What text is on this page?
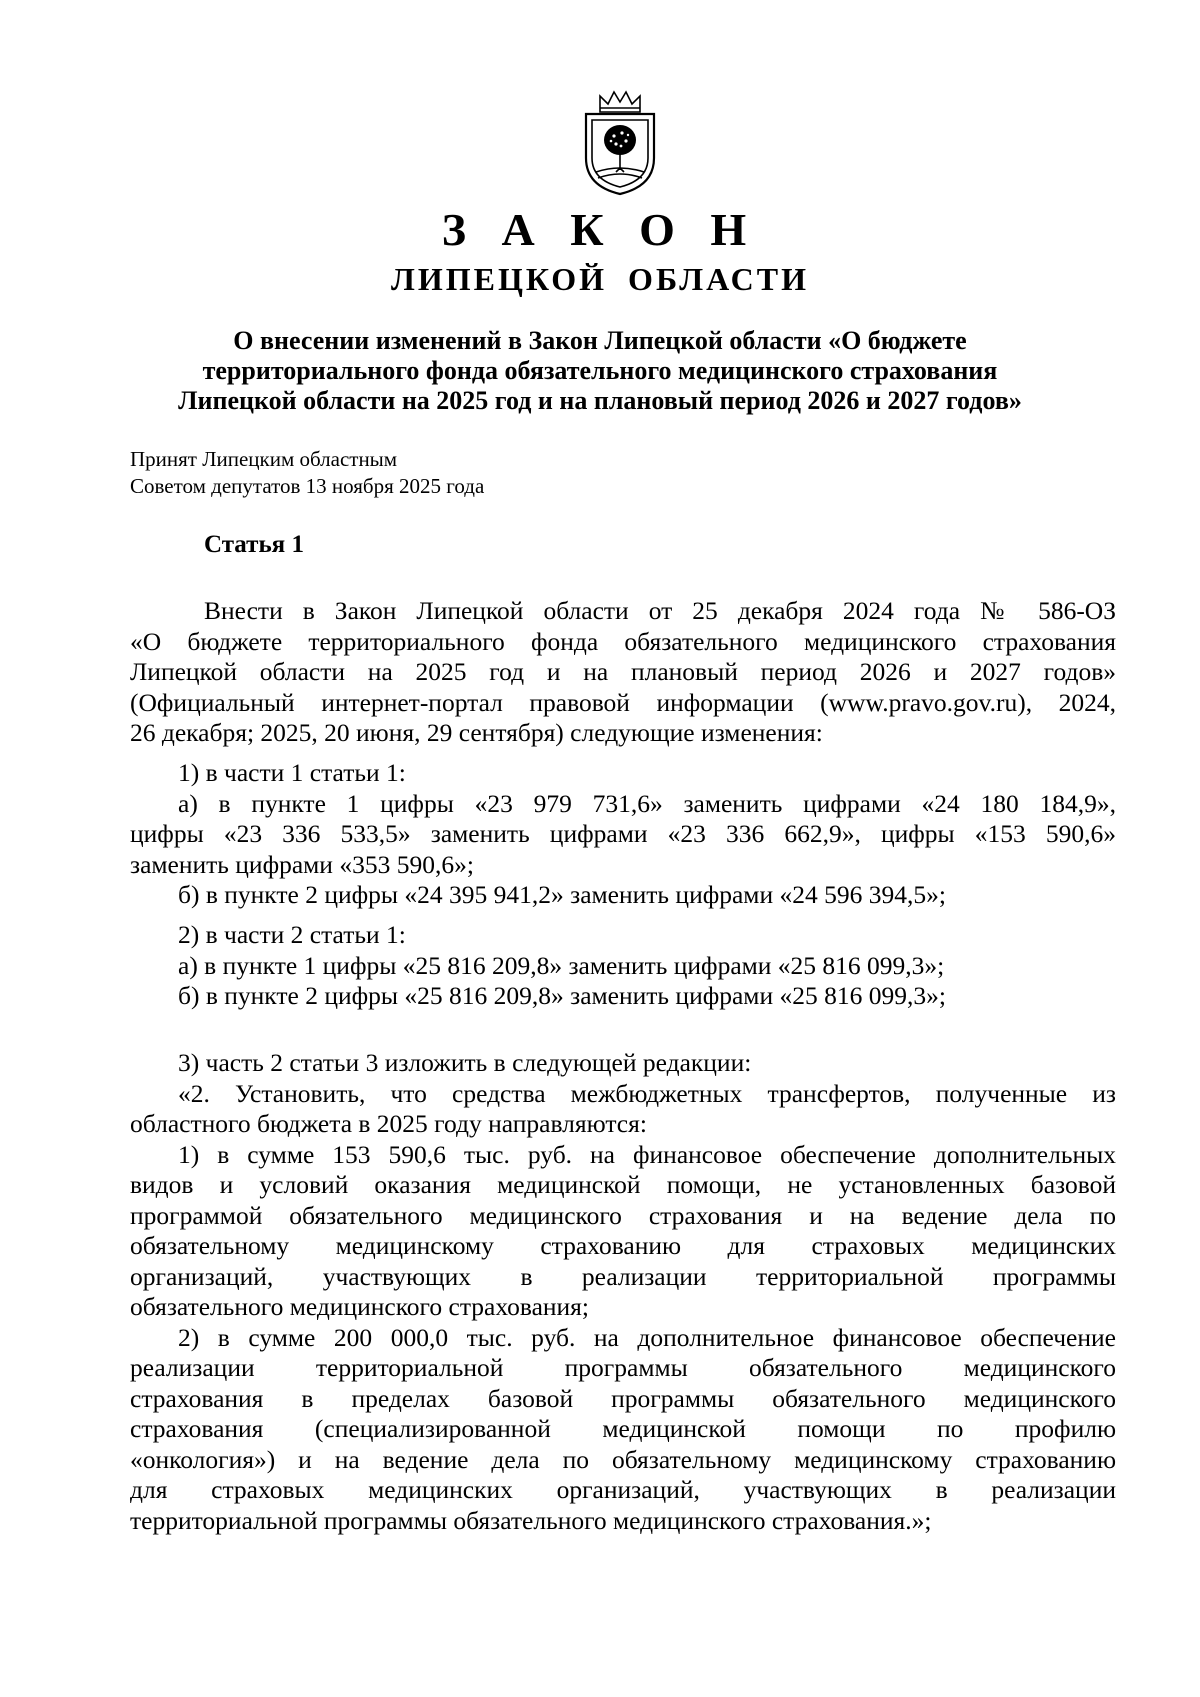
З А К О Н
ЛИПЕЦКОЙ ОБЛАСТИ
О внесении изменений в Закон Липецкой области «О бюджете
территориального фонда обязательного медицинского страхования
Липецкой области на 2025 год и на плановый период 2026 и 2027 годов»
Принят Липецким областным
Советом депутатов 13 ноября 2025 года
Статья 1
Внести в Закон Липецкой области от 25 декабря 2024 года № 586-ОЗ
«О бюджете территориального фонда обязательного медицинского страхования
Липецкой области на 2025 год и на плановый период 2026 и 2027 годов»
(Официальный интернет-портал правовой информации (www.pravo.gov.ru), 2024,
26 декабря; 2025, 20 июня, 29 сентября) следующие изменения:
1) в части 1 статьи 1:
а) в пункте 1 цифры «23 979 731,6» заменить цифрами «24 180 184,9»,
цифры «23 336 533,5» заменить цифрами «23 336 662,9», цифры «153 590,6»
заменить цифрами «353 590,6»;
б) в пункте 2 цифры «24 395 941,2» заменить цифрами «24 596 394,5»;
2) в части 2 статьи 1:
а) в пункте 1 цифры «25 816 209,8» заменить цифрами «25 816 099,3»;
б) в пункте 2 цифры «25 816 209,8» заменить цифрами «25 816 099,3»;
3) часть 2 статьи 3 изложить в следующей редакции:
«2. Установить, что средства межбюджетных трансфертов, полученные из
областного бюджета в 2025 году направляются:
1) в сумме 153 590,6 тыс. руб. на финансовое обеспечение дополнительных
видов и условий оказания медицинской помощи, не установленных базовой
программой обязательного медицинского страхования и на ведение дела по
обязательному медицинскому страхованию для страховых медицинских
организаций, участвующих в реализации территориальной программы
обязательного медицинского страхования;
2) в сумме 200 000,0 тыс. руб. на дополнительное финансовое обеспечение
реализации территориальной программы обязательного медицинского
страхования в пределах базовой программы обязательного медицинского
страхования (специализированной медицинской помощи по профилю
«онкология») и на ведение дела по обязательному медицинскому страхованию
для страховых медицинских организаций, участвующих в реализации
территориальной программы обязательного медицинского страхования.»;
